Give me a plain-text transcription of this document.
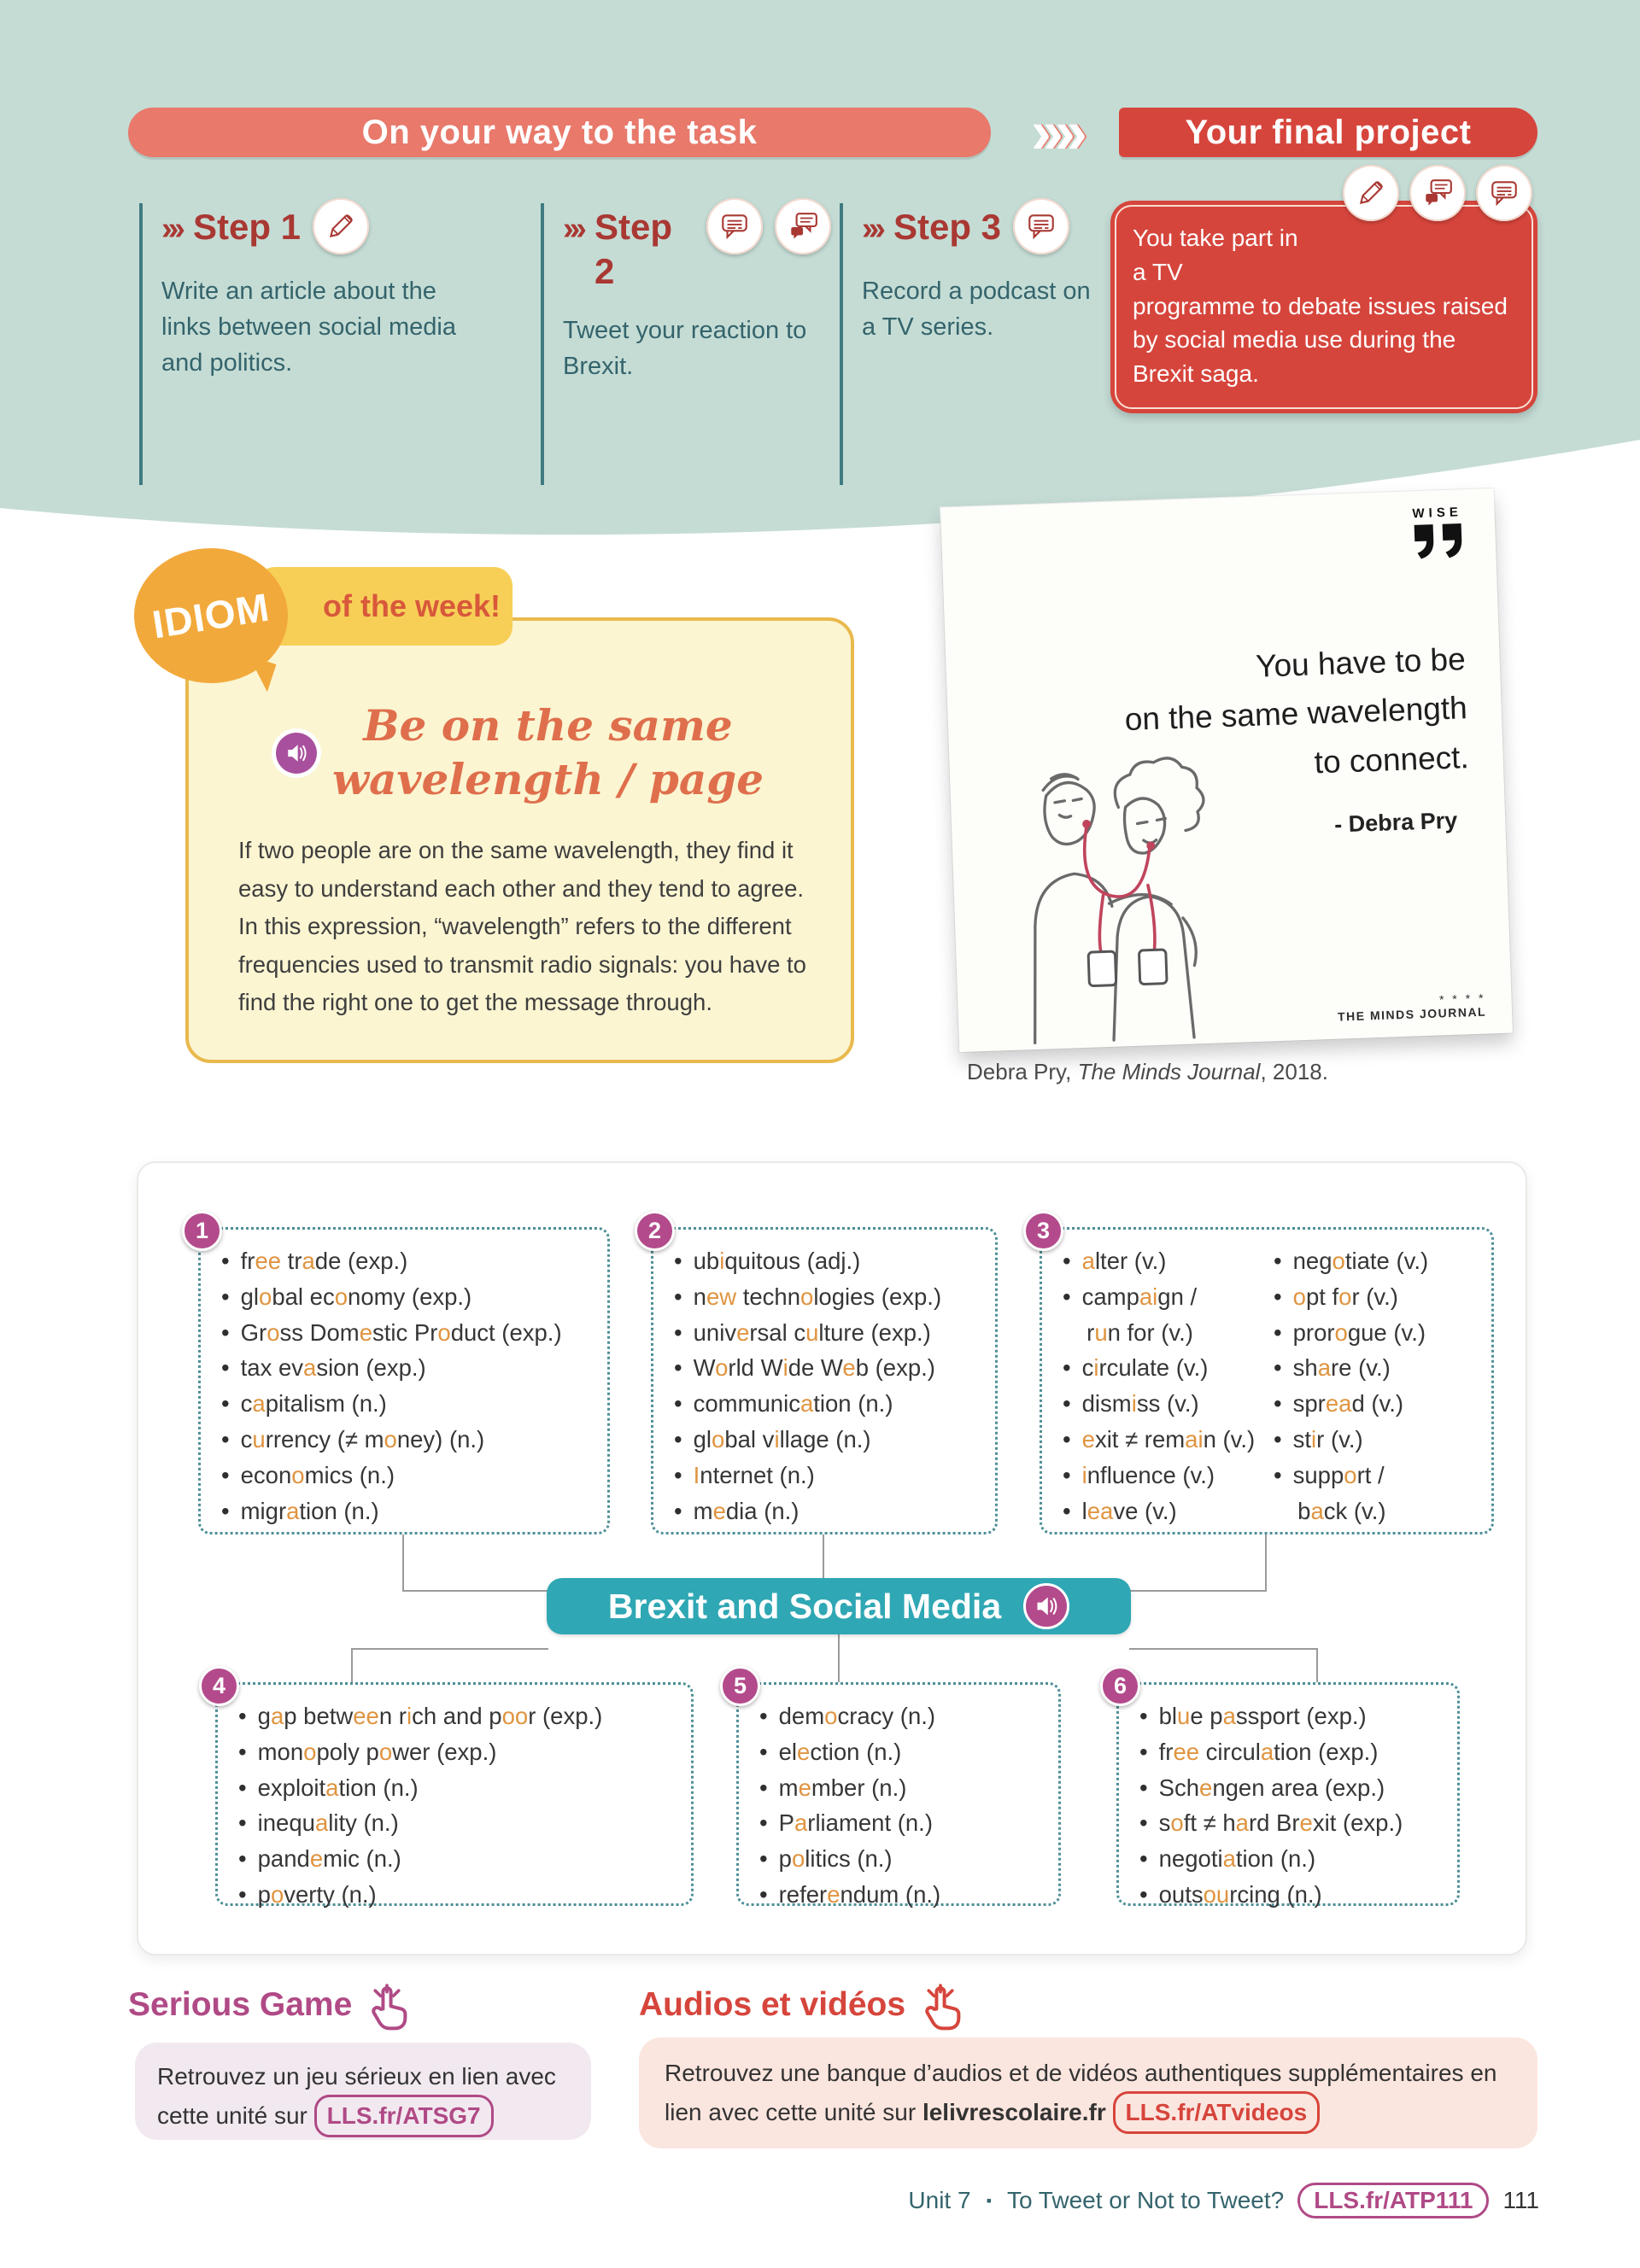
On your way to the task	››››	Your final project
››› Step 1
Write an article about the links between social media and politics.
››› Step 2
Tweet your reaction to Brexit.
››› Step 3
Record a podcast on a TV series.
You take part in a TV programme to debate issues raised by social media use during the Brexit saga.
Be on the same
wavelength / page
If two people are on the same wavelength, they find it easy to understand each other and they tend to agree. In this expression, “wavelength” refers to the different frequencies used to transmit radio signals: you have to find the right one to get the message through.
of the week!
IDIOM
WISE
You have to be
on the same wavelength
to connect.
- Debra Pry
* * * *
THE MINDS JOURNAL
Debra Pry, The Minds Journal, 2018.
1
• free trade (exp.)
• global economy (exp.)
• Gross Domestic Product (exp.)
• tax evasion (exp.)
• capitalism (n.)
• currency (≠ money) (n.)
• economics (n.)
• migration (n.)
2
• ubiquitous (adj.)
• new technologies (exp.)
• universal culture (exp.)
• World Wide Web (exp.)
• communication (n.)
• global village (n.)
• Internet (n.)
• media (n.)
3
• alter (v.)
• campaign /
 run for (v.)
• circulate (v.)
• dismiss (v.)
• exit ≠ remain (v.)
• influence (v.)
• leave (v.)
• negotiate (v.)
• opt for (v.)
• prorogue (v.)
• share (v.)
• spread (v.)
• stir (v.)
• support /
 back (v.)
Brexit and Social Media
4
• gap between rich and poor (exp.)
• monopoly power (exp.)
• exploitation (n.)
• inequality (n.)
• pandemic (n.)
• poverty (n.)
5
• democracy (n.)
• election (n.)
• member (n.)
• Parliament (n.)
• politics (n.)
• referendum (n.)
6
• blue passport (exp.)
• free circulation (exp.)
• Schengen area (exp.)
• soft ≠ hard Brexit (exp.)
• negotiation (n.)
• outsourcing (n.)
Serious Game
Retrouvez un jeu sérieux en lien avec cette unité sur LLS.fr/ATSG7
Audios et vidéos
Retrouvez une banque d’audios et de vidéos authentiques supplémentaires en lien avec cette unité sur lelivrescolaire.fr LLS.fr/ATvideos
Unit 7 ▪ To Tweet or Not to Tweet?	LLS.fr/ATP111	111
